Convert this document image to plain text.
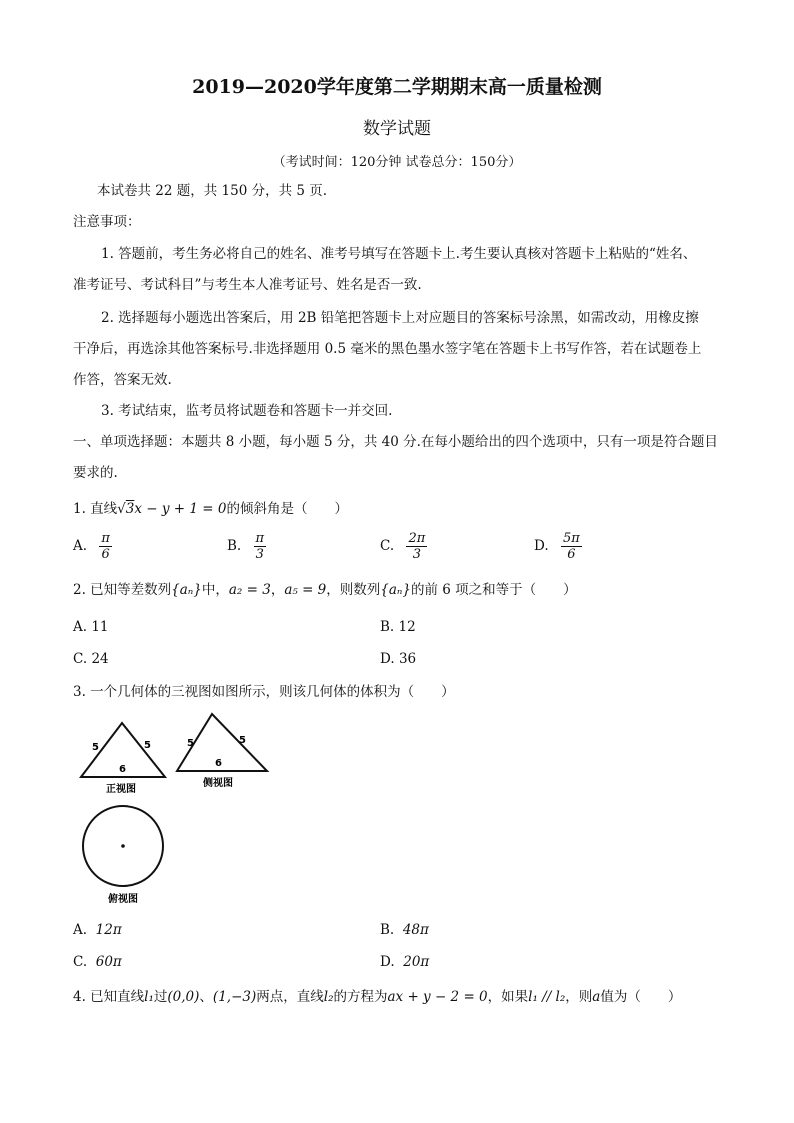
2019—2020学年度第二学期期末高一质量检测
数学试题
（考试时间：120分钟 试卷总分：150分）
本试卷共 22 题，共 150 分，共 5 页.
注意事项：
1. 答题前，考生务必将自己的姓名、准考号填写在答题卡上.考生要认真核对答题卡上粘贴的“姓名、
准考证号、考试科目”与考生本人准考证号、姓名是否一致.
2. 选择题每小题选出答案后，用 2B 铅笔把答题卡上对应题目的答案标号涂黑，如需改动，用橡皮擦
干净后，再选涂其他答案标号.非选择题用 0.5 毫米的黑色墨水签字笔在答题卡上书写作答，若在试题卷上
作答，答案无效.
3. 考试结束，监考员将试题卷和答题卡一并交回.
一、单项选择题：本题共 8 小题，每小题 5 分，共 40 分.在每小题给出的四个选项中，只有一项是符合题目
要求的.
1. 直线√3x − y + 1 = 0的倾斜角是（　　）
A. $\frac{\pi}{6}$	B. $\frac{\pi}{3}$	C. $\frac{2\pi}{3}$	D. $\frac{5\pi}{6}$
2. 已知等差数列{aₙ}中，a₂ = 3，a₅ = 9，则数列{aₙ}的前 6 项之和等于（　　）
A. 11	B. 12
C. 24	D. 36
3. 一个几何体的三视图如图所示，则该几何体的体积为（　　）
5	5
6
正视图
5	5
6
侧视图
俯视图
A. 12π	B. 48π
C. 60π	D. 20π
4. 已知直线l₁过(0,0)、(1,−3)两点，直线l₂的方程为ax + y − 2 = 0，如果l₁ // l₂，则a值为（　　）
